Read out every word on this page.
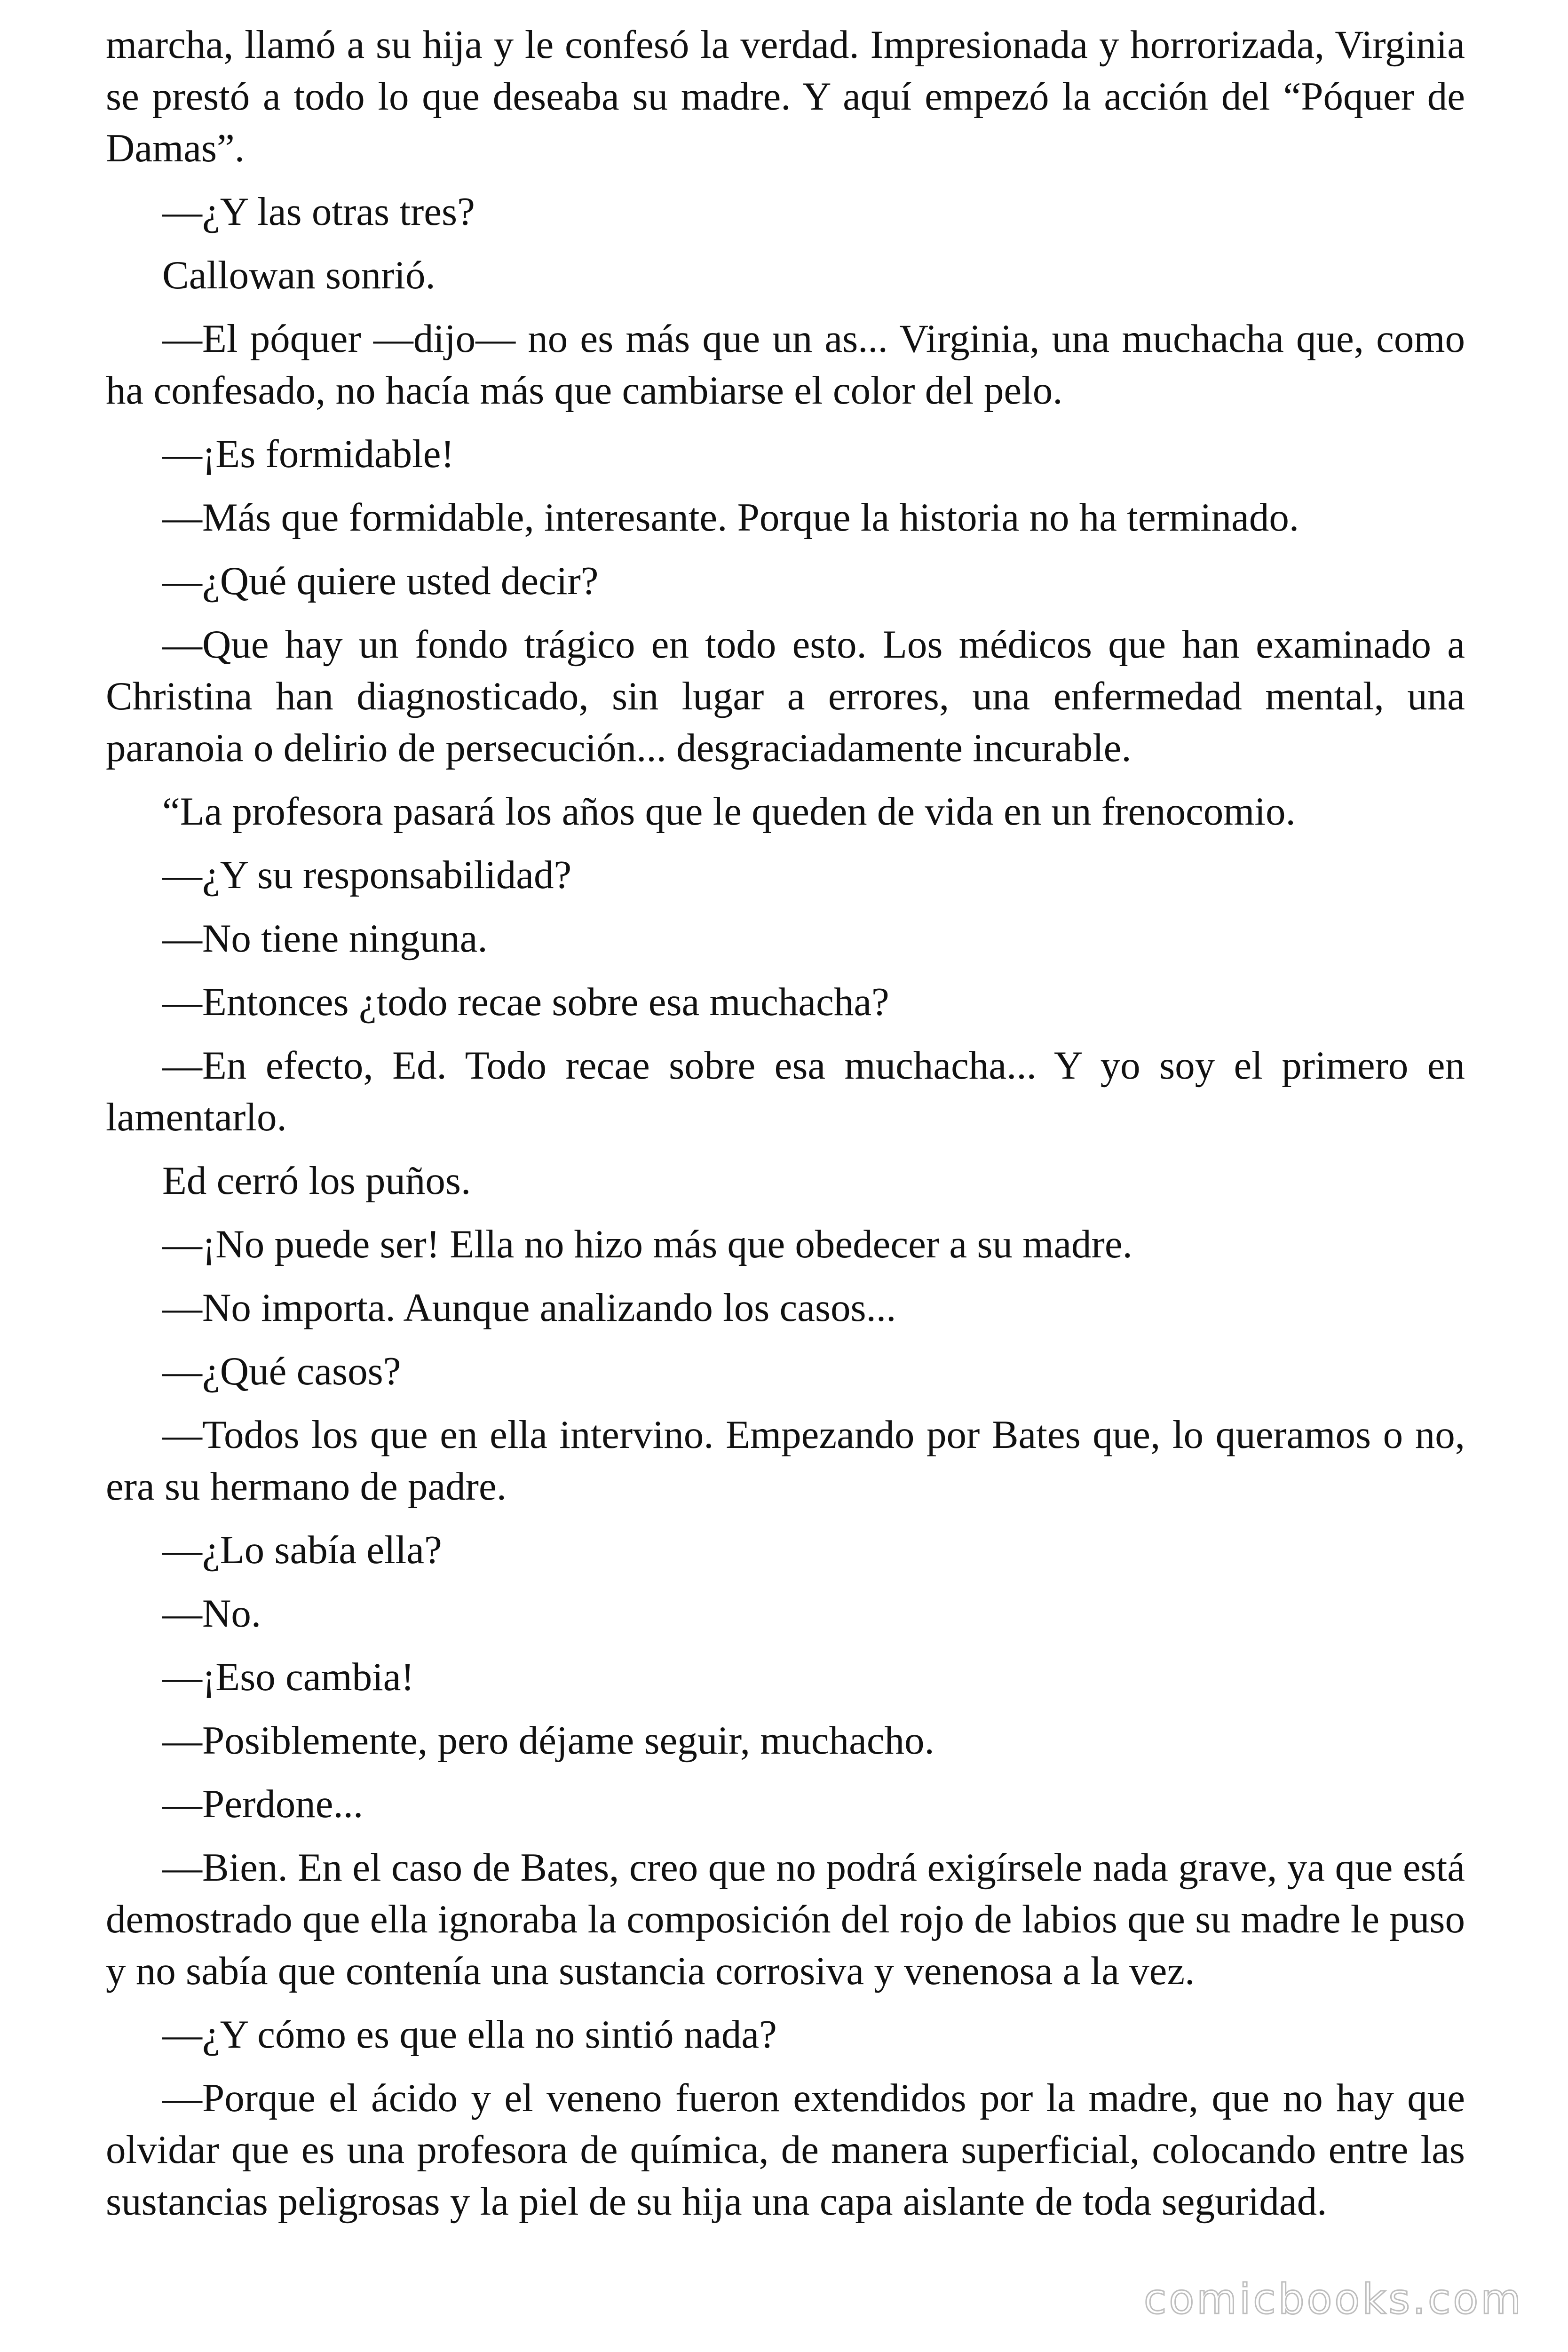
marcha, llamó a su hija y le confesó la verdad. Impresionada y horrorizada, Virginia se prestó a todo lo que deseaba su madre. Y aquí empezó la acción del “Póquer de Damas”.

—¿Y las otras tres?

Callowan sonrió.

—El póquer —dijo— no es más que un as... Virginia, una muchacha que, como ha confesado, no hacía más que cambiarse el color del pelo.

—¡Es formidable!

—Más que formidable, interesante. Porque la historia no ha terminado.

—¿Qué quiere usted decir?

—Que hay un fondo trágico en todo esto. Los médicos que han examinado a Christina han diagnosticado, sin lugar a errores, una enfermedad mental, una paranoia o delirio de persecución... desgraciadamente incurable.

“La profesora pasará los años que le queden de vida en un frenocomio.

—¿Y su responsabilidad?

—No tiene ninguna.

—Entonces ¿todo recae sobre esa muchacha?

—En efecto, Ed. Todo recae sobre esa muchacha... Y yo soy el primero en lamentarlo.

Ed cerró los puños.

—¡No puede ser! Ella no hizo más que obedecer a su madre.

—No importa. Aunque analizando los casos...

—¿Qué casos?

—Todos los que en ella intervino. Empezando por Bates que, lo queramos o no, era su hermano de padre.

—¿Lo sabía ella?

—No.

—¡Eso cambia!

—Posiblemente, pero déjame seguir, muchacho.

—Perdone...

—Bien. En el caso de Bates, creo que no podrá exigírsele nada grave, ya que está demostrado que ella ignoraba la composición del rojo de labios que su madre le puso y no sabía que contenía una sustancia corrosiva y venenosa a la vez.

—¿Y cómo es que ella no sintió nada?

—Porque el ácido y el veneno fueron extendidos por la madre, que no hay que olvidar que es una profesora de química, de manera superficial, colocando entre las sustancias peligrosas y la piel de su hija una capa aislante de toda seguridad.

comicbooks.com
